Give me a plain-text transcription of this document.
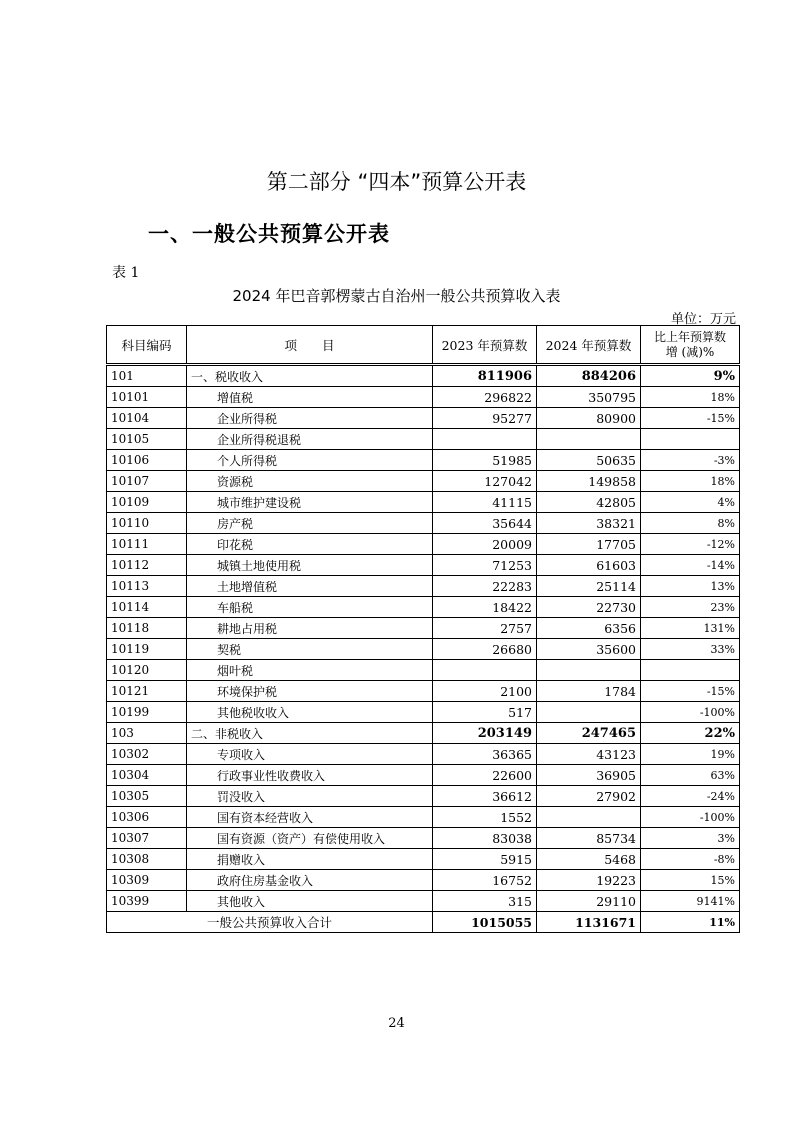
第二部分 “四本”预算公开表
一、一般公共预算公开表
表 1
2024 年巴音郭楞蒙古自治州一般公共预算收入表
单位：万元
科目编码	项　　目	2023 年预算数	2024 年预算数	比上年预算数
增 (减)%

101	一、税收收入	811906	884206	9%
10101	增值税	296822	350795	18%
10104	企业所得税	95277	80900	-15%
10105	企业所得税退税			
10106	个人所得税	51985	50635	-3%
10107	资源税	127042	149858	18%
10109	城市维护建设税	41115	42805	4%
10110	房产税	35644	38321	8%
10111	印花税	20009	17705	-12%
10112	城镇土地使用税	71253	61603	-14%
10113	土地增值税	22283	25114	13%
10114	车船税	18422	22730	23%
10118	耕地占用税	2757	6356	131%
10119	契税	26680	35600	33%
10120	烟叶税			
10121	环境保护税	2100	1784	-15%
10199	其他税收收入	517		-100%
103	二、非税收入	203149	247465	22%
10302	专项收入	36365	43123	19%
10304	行政事业性收费收入	22600	36905	63%
10305	罚没收入	36612	27902	-24%
10306	国有资本经营收入	1552		-100%
10307	国有资源（资产）有偿使用收入	83038	85734	3%
10308	捐赠收入	5915	5468	-8%
10309	政府住房基金收入	16752	19223	15%
10399	其他收入	315	29110	9141%
一般公共预算收入合计		1015055	1131671	11%
24
